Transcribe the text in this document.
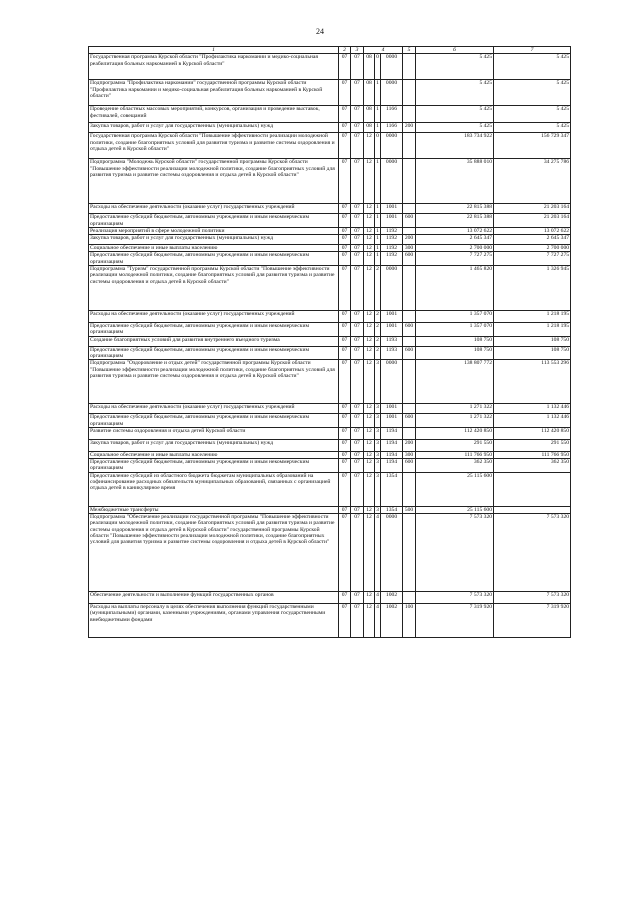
24
1	2	3	4			5	6	7
Государственная программа Курской области "Профилактика наркомании и медико-социальная реабилитация больных наркоманией в Курской области"	07	07	08	0	0000		5 425	5 425
Подпрограмма "Профилактика наркомании" государственной программы Курской области "Профилактика наркомании и медико-социальная реабилитация больных наркоманией в Курской области"	07	07	08	1	0000		5 425	5 425
Проведение областных массовых мероприятий, конкурсов, организация и проведение выставок, фестивалей, совещаний	07	07	08	1	1166		5 425	5 425
Закупка товаров, работ и услуг для государственных (муниципальных) нужд	07	07	08	1	1166	200	5 425	5 425
Государственная программа Курской области "Повышение эффективности реализации молодежной политики, создание благоприятных условий для развития туризма и развитие системы оздоровления и отдыха детей в Курской области"	07	07	12	0	0000		183 734 922	156 729 347
Подпрограмма "Молодежь Курской области" государственной программы Курской области "Повышение эффективности реализации молодежной политики, создание благоприятных условий для развития туризма и развитие системы оздоровления и отдыха детей в Курской области"	07	07	12	1	0000		35 888 010	34 275 786
Расходы на обеспечение деятельности (оказание услуг) государственных учреждений	07	07	12	1	1001		22 815 388	21 203 164
Предоставление субсидий бюджетным, автономным учреждениям и иным некоммерческим организациям	07	07	12	1	1001	600	22 815 388	21 203 164
Реализация мероприятий в сфере молодежной политики	07	07	12	1	1192		13 072 622	13 072 622
Закупка товаров, работ и услуг для государственных (муниципальных) нужд	07	07	12	1	1192	200	2 645 347	2 645 347
Социальное обеспечение и иные выплаты населению	07	07	12	1	1192	300	2 700 000	2 700 000
Предоставление субсидий бюджетным, автономным учреждениям и иным некоммерческим организациям	07	07	12	1	1192	600	7 727 275	7 727 275
Подпрограмма "Туризм" государственной программы Курской области "Повышение эффективности реализации молодежной политики, создание благоприятных условий для развития туризма и развитие системы оздоровления и отдыха детей в Курской области"	07	07	12	2	0000		1 465 820	1 326 945
Расходы на обеспечение деятельности (оказание услуг) государственных учреждений	07	07	12	2	1001		1 357 070	1 218 195
Предоставление субсидий бюджетным, автономным учреждениям и иным некоммерческим организациям	07	07	12	2	1001	600	1 357 070	1 218 195
Создание благоприятных условий для развития внутреннего въездного туризма	07	07	12	2	1193		108 750	108 750
Предоставление субсидий бюджетным, автономным учреждениям и иным некоммерческим организациям	07	07	12	2	1193	600	108 750	108 750
Подпрограмма "Оздоровление и отдых детей" государственной программы Курской области "Повышение эффективности реализации молодежной политики, создание благоприятных условий для развития туризма и развитие системы оздоровления и отдыха детей в Курской области"	07	07	12	3	0000		138 807 772	113 553 296
Расходы на обеспечение деятельности (оказание услуг) государственных учреждений	07	07	12	3	1001		1 271 322	1 132 446
Предоставление субсидий бюджетным, автономным учреждениям и иным некоммерческим организациям	07	07	12	3	1001	600	1 271 322	1 132 446
Развитие системы оздоровления и отдыха детей Курской области	07	07	12	3	1194		112 420 850	112 420 850
Закупка товаров, работ и услуг для государственных (муниципальных) нужд	07	07	12	3	1194	200	291 550	291 550
Социальное обеспечение и иные выплаты населению	07	07	12	3	1194	300	111 766 950	111 766 950
Предоставление субсидий бюджетным, автономным учреждениям и иным некоммерческим организациям	07	07	12	3	1194	600	362 350	362 350
Предоставление субсидий из областного бюджета бюджетам муниципальных образований на софинансирование расходных обязательств муниципальных образований, связанных с организацией отдыха детей в каникулярное время	07	07	12	3	1354		25 115 600	
Межбюджетные трансферты	07	07	12	3	1354	500	25 115 600	
Подпрограмма "Обеспечение реализации государственной программы "Повышение эффективности реализации молодежной политики, создание благоприятных условий для развития туризма и развитие системы оздоровления и отдыха детей в Курской области" государственной программы Курской области "Повышение эффективности реализации молодежной политики, создание благоприятных условий для развития туризма и развитие системы оздоровления и отдыха детей в Курской области"	07	07	12	4	0000		7 573 320	7 573 320
Обеспечение деятельности и выполнение функций государственных органов	07	07	12	4	1002		7 573 320	7 573 320
Расходы на выплаты персоналу в целях обеспечения выполнения функций государственными (муниципальными) органами, казенными учреждениями, органами управления государственными внебюджетными фондами	07	07	12	4	1002	100	7 319 920	7 319 920
